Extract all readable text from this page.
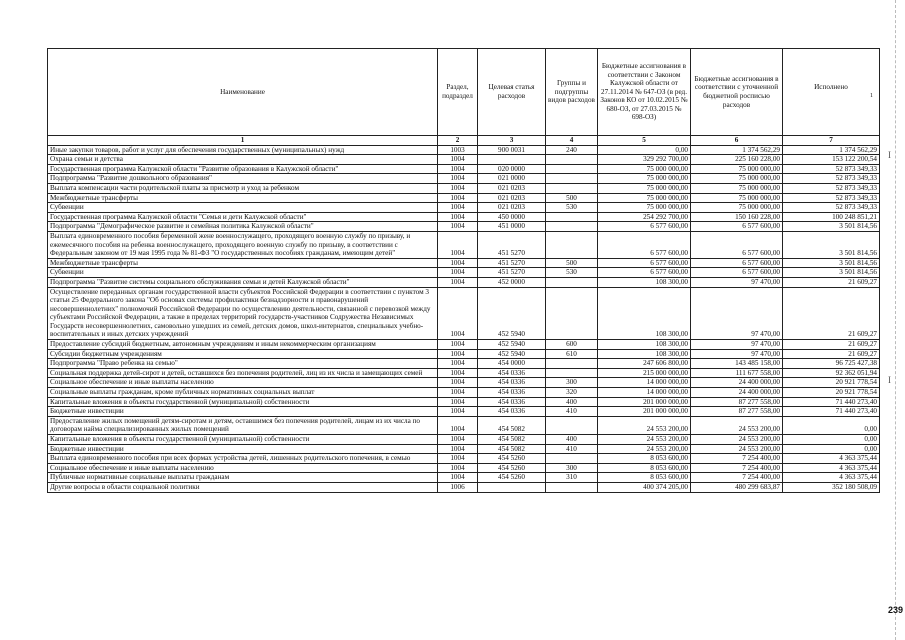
I
I
Наименование	Раздел, подраздел	Целевая статья расходов	Группы и подгруппы видов расходов	Бюджетные ассигнования в соответствии с Законом Калужской области от 27.11.2014 № 647-ОЗ (в ред. Законов КО от 10.02.2015 № 680-ОЗ, от 27.03.2015 № 698-ОЗ)	Бюджетные ассигнования в соответствии с уточненной бюджетной росписью расходов	Исполнено
1

1	2	3	4	5	6	7
Иные закупки товаров, работ и услуг для обеспечения государственных (муниципальных) нужд	1003	900 0031	240	0,00	1 374 562,29	1 374 562,29
Охрана семьи и детства	1004			329 292 700,00	225 160 228,00	153 122 200,54
Государственная программа Калужской области "Развитие образования в Калужской области"	1004	020 0000		75 000 000,00	75 000 000,00	52 873 349,33
Подпрограмма "Развитие дошкольного образования"	1004	021 0000		75 000 000,00	75 000 000,00	52 873 349,33
Выплата компенсации части родительской платы за присмотр и уход за ребенком	1004	021 0203		75 000 000,00	75 000 000,00	52 873 349,33
Межбюджетные трансферты	1004	021 0203	500	75 000 000,00	75 000 000,00	52 873 349,33
Субвенции	1004	021 0203	530	75 000 000,00	75 000 000,00	52 873 349,33
Государственная программа Калужской области "Семья и дети Калужской области"	1004	450 0000		254 292 700,00	150 160 228,00	100 248 851,21
Подпрограмма "Демографическое развитие и семейная политика Калужской области"	1004	451 0000		6 577 600,00	6 577 600,00	3 501 814,56
Выплата единовременного пособия беременной жене военнослужащего, проходящего военную службу по призыву, и ежемесячного пособия на ребенка военнослужащего, проходящего военную службу по призыву, в соответствии с Федеральным законом от 19 мая 1995 года № 81-ФЗ "О государственных пособиях гражданам, имеющим детей"	1004	451 5270		6 577 600,00	6 577 600,00	3 501 814,56
Межбюджетные трансферты	1004	451 5270	500	6 577 600,00	6 577 600,00	3 501 814,56
Субвенции	1004	451 5270	530	6 577 600,00	6 577 600,00	3 501 814,56
Подпрограмма "Развитие системы социального обслуживания семьи и детей Калужской области"	1004	452 0000		108 300,00	97 470,00	21 609,27
Осуществление переданных органам государственной власти субъектов Российской Федерации в соответствии с пунктом 3 статьи 25 Федерального закона "Об основах системы профилактики безнадзорности и правонарушений несовершеннолетних" полномочий Российской Федерации по осуществлению деятельности, связанной с перевозкой между субъектами Российской Федерации, а также в пределах территорий государств-участников Содружества Независимых Государств несовершеннолетних, самовольно ушедших из семей, детских домов, школ-интернатов, специальных учебно-воспитательных и иных детских учреждений	1004	452 5940		108 300,00	97 470,00	21 609,27
Предоставление субсидий бюджетным, автономным учреждениям и иным некоммерческим организациям	1004	452 5940	600	108 300,00	97 470,00	21 609,27
Субсидии бюджетным учреждениям	1004	452 5940	610	108 300,00	97 470,00	21 609,27
Подпрограмма "Право ребенка на семью"	1004	454 0000		247 606 800,00	143 485 158,00	96 725 427,38
Социальная поддержка детей-сирот и детей, оставшихся без попечения родителей, лиц из их числа и замещающих семей	1004	454 0336		215 000 000,00	111 677 558,00	92 362 051,94
Социальное обеспечение и иные выплаты населению	1004	454 0336	300	14 000 000,00	24 400 000,00	20 921 778,54
Социальные выплаты гражданам, кроме публичных нормативных социальных выплат	1004	454 0336	320	14 000 000,00	24 400 000,00	20 921 778,54
Капитальные вложения в объекты государственной (муниципальной) собственности	1004	454 0336	400	201 000 000,00	87 277 558,00	71 440 273,40
Бюджетные инвестиции	1004	454 0336	410	201 000 000,00	87 277 558,00	71 440 273,40
Предоставление жилых помещений детям-сиротам и детям, оставшимся без попечения родителей, лицам из их числа по договорам найма специализированных жилых помещений	1004	454 5082		24 553 200,00	24 553 200,00	0,00
Капитальные вложения в объекты государственной (муниципальной) собственности	1004	454 5082	400	24 553 200,00	24 553 200,00	0,00
Бюджетные инвестиции	1004	454 5082	410	24 553 200,00	24 553 200,00	0,00
Выплата единовременного пособия при всех формах устройства детей, лишенных родительского попечения, в семью	1004	454 5260		8 053 600,00	7 254 400,00	4 363 375,44
Социальное обеспечение и иные выплаты населению	1004	454 5260	300	8 053 600,00	7 254 400,00	4 363 375,44
Публичные нормативные социальные выплаты гражданам	1004	454 5260	310	8 053 600,00	7 254 400,00	4 363 375,44
Другие вопросы в области социальной политики	1006			400 374 205,00	480 299 683,87	352 180 508,09
239
